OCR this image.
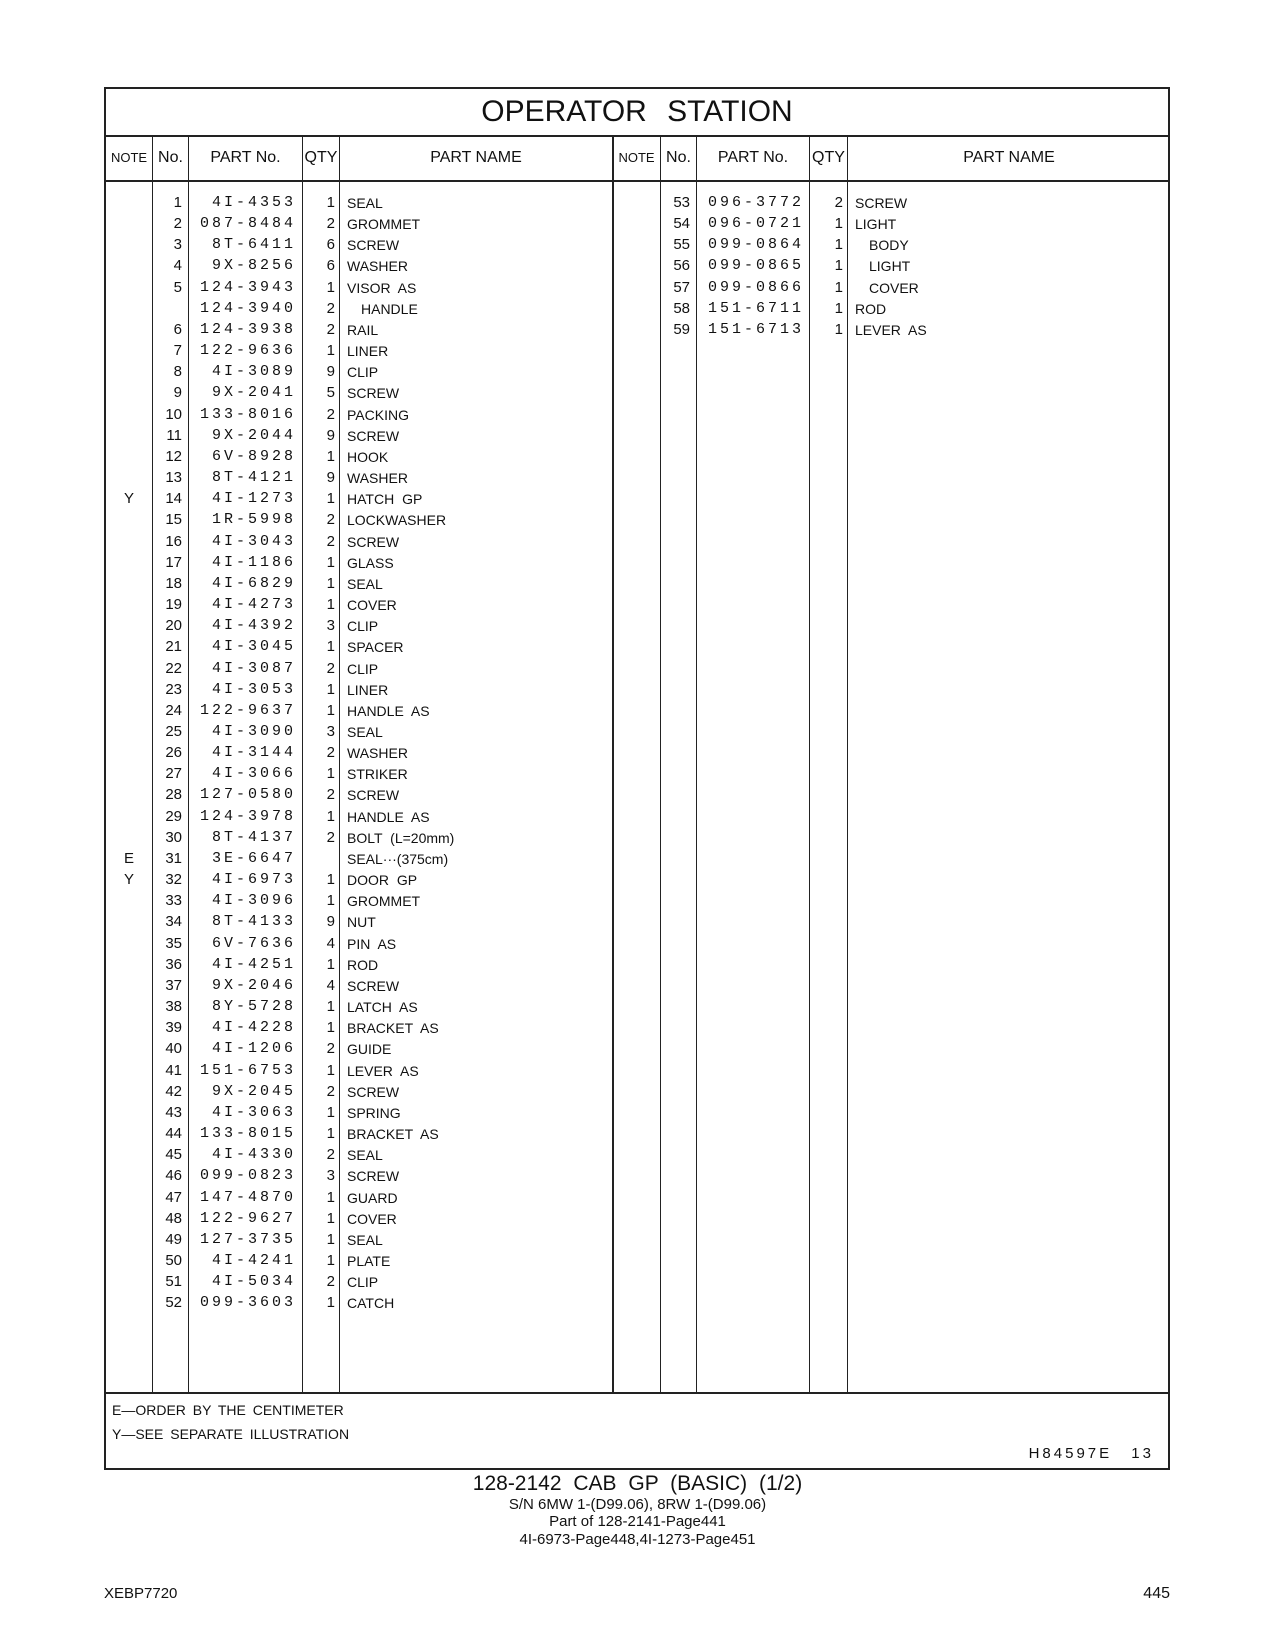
OPERATOR STATION
NOTE No.	PART No.	QTY	PART NAME	NOTE No.	PART No.	QTY	PART NAME
1	4I-4353	1 SEAL
2	087-8484	2 GROMMET
3	8T-6411	6 SCREW
4	9X-8256	6 WASHER
5	124-3943	1 VISOR AS
124-3940	2	HANDLE
6	124-3938	2 RAIL
7	122-9636	1 LINER
8	4I-3089	9 CLIP
9	9X-2041	5 SCREW
10	133-8016	2 PACKING
11	9X-2044	9 SCREW
12	6V-8928	1 HOOK
13	8T-4121	9 WASHER
Y	14	4I-1273	1 HATCH GP
15	1R-5998	2 LOCKWASHER
16	4I-3043	2 SCREW
17	4I-1186	1 GLASS
18	4I-6829	1 SEAL
19	4I-4273	1 COVER
20	4I-4392	3 CLIP
21	4I-3045	1 SPACER
22	4I-3087	2 CLIP
23	4I-3053	1 LINER
24	122-9637	1 HANDLE AS
25	4I-3090	3 SEAL
26	4I-3144	2 WASHER
27	4I-3066	1 STRIKER
28	127-0580	2 SCREW
29	124-3978	1 HANDLE AS
30	8T-4137	2 BOLT (L=20mm)
E	31	3E-6647	SEAL···(375cm)
Y	32	4I-6973	1 DOOR GP
33	4I-3096	1 GROMMET
34	8T-4133	9 NUT
35	6V-7636	4 PIN AS
36	4I-4251	1 ROD
37	9X-2046	4 SCREW
38	8Y-5728	1 LATCH AS
39	4I-4228	1 BRACKET AS
40	4I-1206	2 GUIDE
41	151-6753	1 LEVER AS
42	9X-2045	2 SCREW
43	4I-3063	1 SPRING
44	133-8015	1 BRACKET AS
45	4I-4330	2 SEAL
46	099-0823	3 SCREW
47	147-4870	1 GUARD
48	122-9627	1 COVER
49	127-3735	1 SEAL
50	4I-4241	1 PLATE
51	4I-5034	2 CLIP
52	099-3603	1 CATCH
53	096-3772	2 SCREW
54	096-0721	1 LIGHT
55	099-0864	1	BODY
56	099-0865	1	LIGHT
57	099-0866	1	COVER
58	151-6711	1 ROD
59	151-6713	1 LEVER AS
E—ORDER BY THE CENTIMETER
Y—SEE SEPARATE ILLUSTRATION
H84597E 13
128-2142 CAB GP (BASIC) (1/2)
S/N 6MW 1-(D99.06), 8RW 1-(D99.06)
Part of 128-2141-Page441
4I-6973-Page448,4I-1273-Page451
XEBP7720	445
